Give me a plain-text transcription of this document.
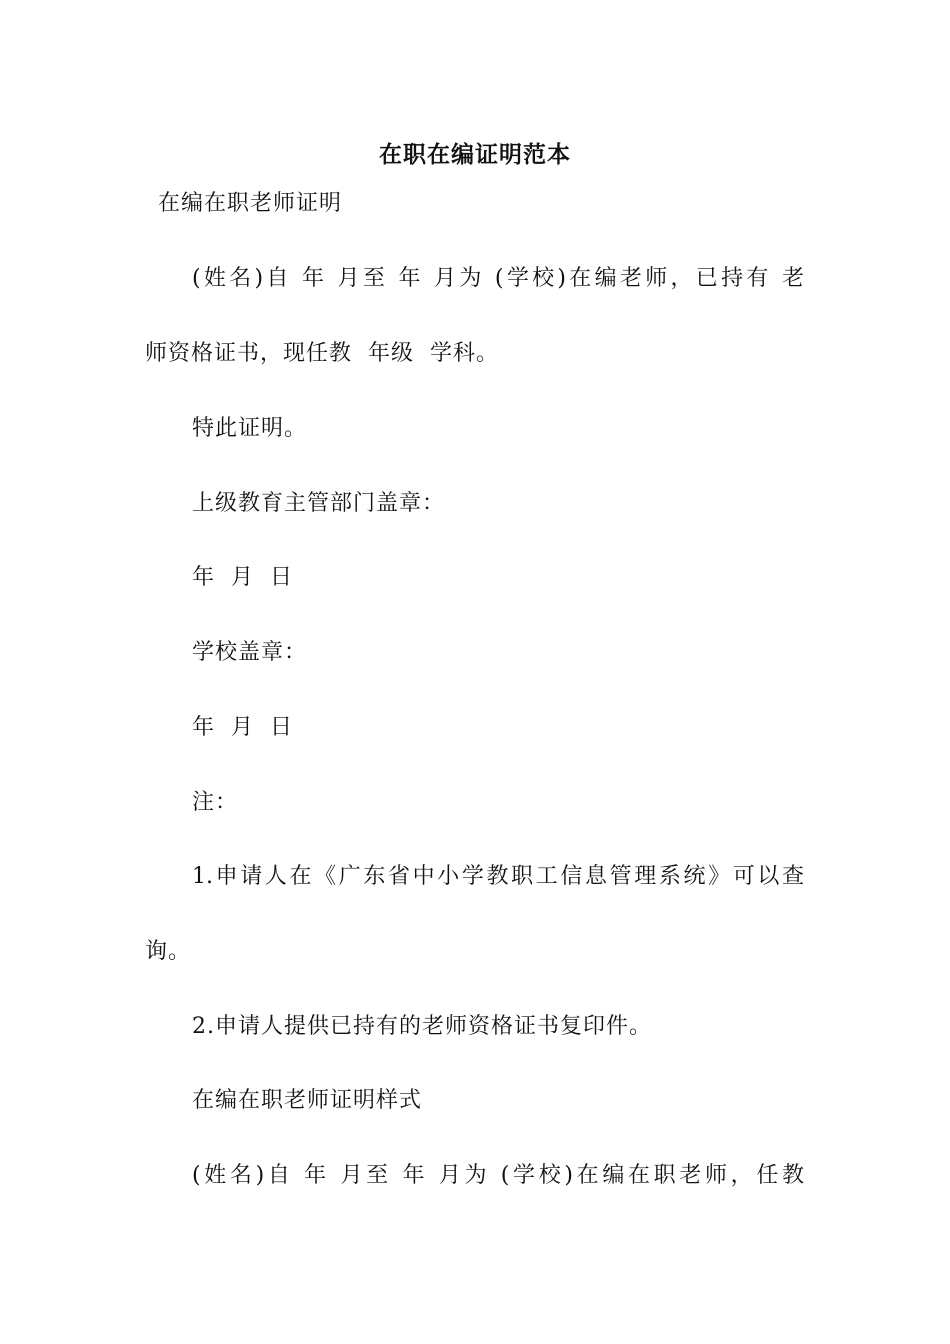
在职在编证明范本
在编在职老师证明
(姓名)自 年 月至 年 月为 (学校)在编老师，已持有 老
师资格证书，现任教  年级  学科。
特此证明。
上级教育主管部门盖章：
年  月  日
学校盖章：
年  月  日
注：
1.申请人在《广东省中小学教职工信息管理系统》可以查
询。
2.申请人提供已持有的老师资格证书复印件。
在编在职老师证明样式
(姓名)自 年 月至 年 月为 (学校)在编在职老师，任教
